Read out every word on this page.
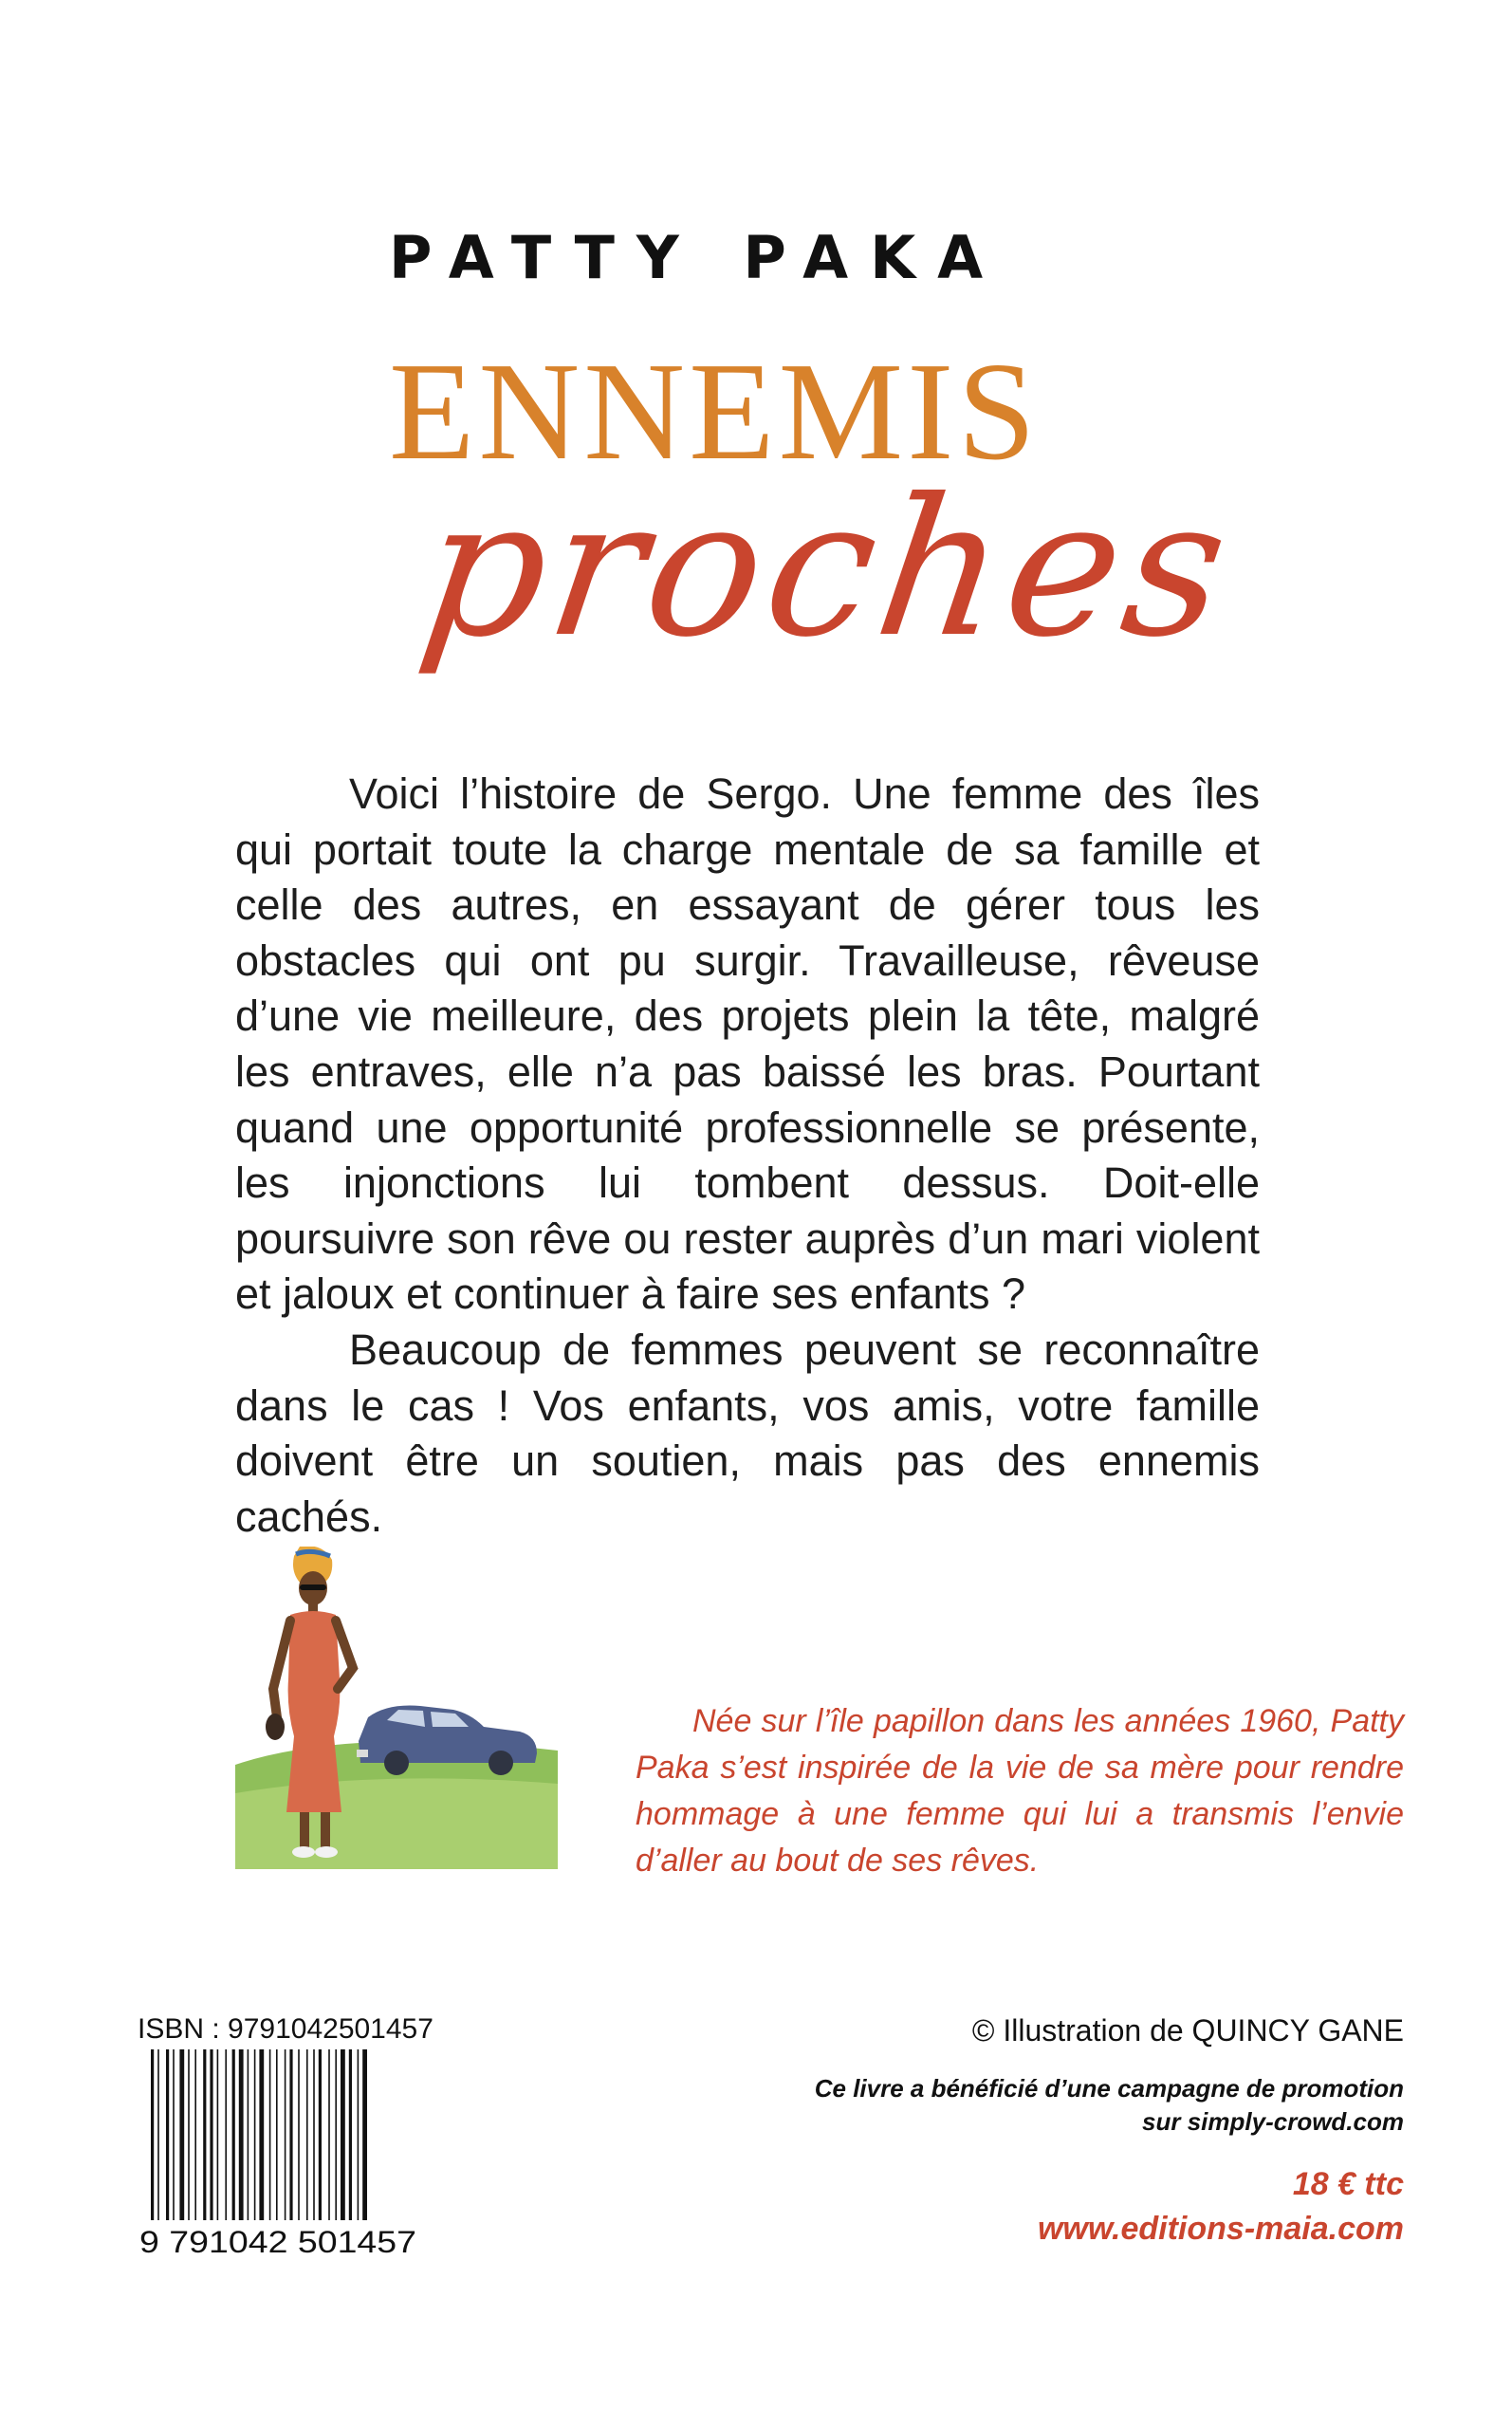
PATTY PAKA
ENNEMIS
proches

Voici l’histoire de Sergo. Une femme des îles qui portait toute la charge mentale de sa famille et celle des autres, en essayant de gérer tous les obstacles qui ont pu surgir. Travailleuse, rêveuse d’une vie meilleure, des projets plein la tête, malgré les entraves, elle n’a pas baissé les bras. Pourtant quand une opportunité professionnelle se présente, les injonctions lui tombent dessus. Doit-elle poursuivre son rêve ou rester auprès d’un mari violent et jaloux et continuer à faire ses enfants ?

Beaucoup de femmes peuvent se reconnaître dans le cas ! Vos enfants, vos amis, votre famille doivent être un soutien, mais pas des ennemis cachés.

Née sur l’île papillon dans les années 1960, Patty Paka s’est inspirée de la vie de sa mère pour rendre hommage à une femme qui lui a transmis l’envie d’aller au bout de ses rêves.

ISBN : 9791042501457
9 791042 501457
© Illustration de QUINCY GANE
Ce livre a bénéficié d’une campagne de promotion
sur simply-crowd.com
18 € ttc
www.editions-maia.com
